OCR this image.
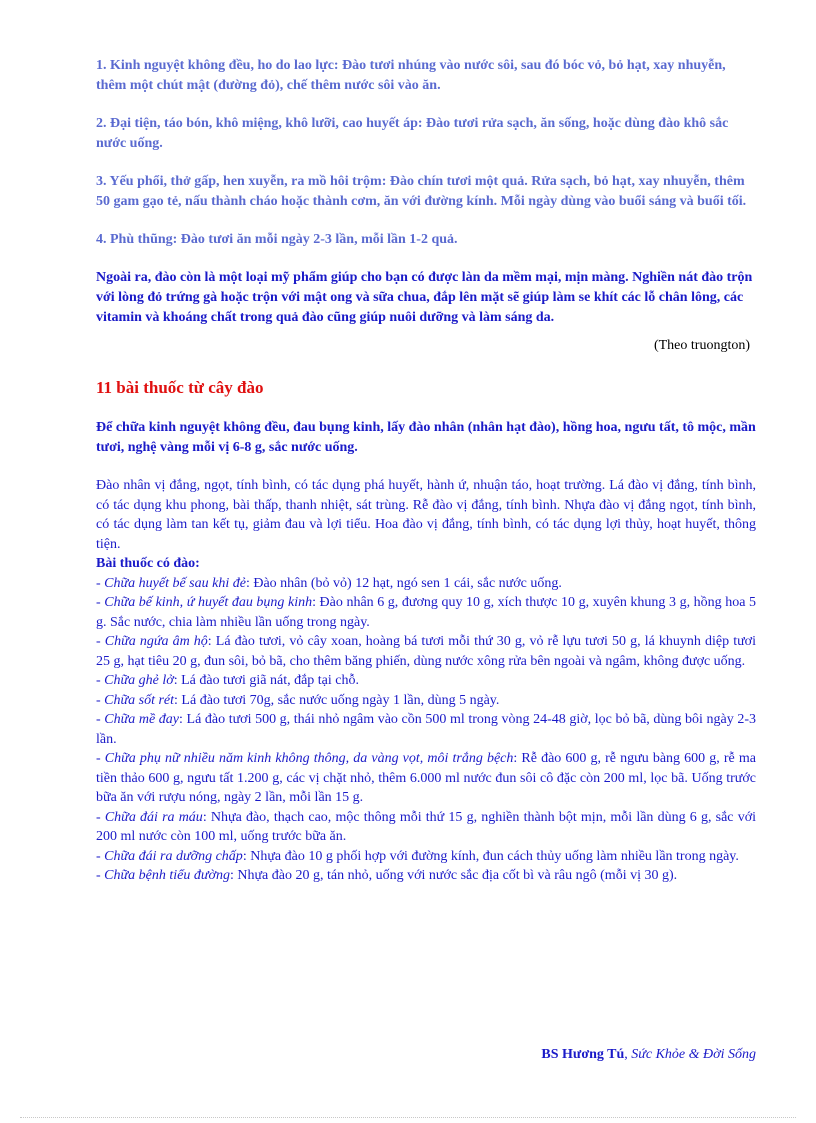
1. Kinh nguyệt không đều, ho do lao lực: Đào tươi nhúng vào nước sôi, sau đó bóc vỏ, bỏ hạt, xay nhuyễn, thêm một chút mật (đường đỏ), chế thêm nước sôi vào ăn.

2. Đại tiện, táo bón, khô miệng, khô lưỡi, cao huyết áp: Đào tươi rửa sạch, ăn sống, hoặc dùng đào khô sắc nước uống.

3. Yếu phổi, thở gấp, hen xuyễn, ra mồ hôi trộm: Đào chín tươi một quả. Rửa sạch, bỏ hạt, xay nhuyễn, thêm 50 gam gạo tẻ, nấu thành cháo hoặc thành cơm, ăn với đường kính. Mỗi ngày dùng vào buổi sáng và buổi tối.

4. Phù thũng: Đào tươi ăn mỗi ngày 2-3 lần, mỗi lần 1-2 quả.

Ngoài ra, đào còn là một loại mỹ phẩm giúp cho bạn có được làn da mềm mại, mịn màng. Nghiền nát đào trộn với lòng đỏ trứng gà hoặc trộn với mật ong và sữa chua, đắp lên mặt sẽ giúp làm se khít các lỗ chân lông, các vitamin và khoáng chất trong quả đào cũng giúp nuôi dưỡng và làm sáng da.

(Theo truongton)

11 bài thuốc từ cây đào

Để chữa kinh nguyệt không đều, đau bụng kinh, lấy đào nhân (nhân hạt đào), hồng hoa, ngưu tất, tô mộc, mần tươi, nghệ vàng mỗi vị 6-8 g, sắc nước uống.

Đào nhân vị đắng, ngọt, tính bình, có tác dụng phá huyết, hành ứ, nhuận táo, hoạt trường. Lá đào vị đắng, tính bình, có tác dụng khu phong, bài thấp, thanh nhiệt, sát trùng. Rễ đào vị đắng, tính bình. Nhựa đào vị đắng ngọt, tính bình, có tác dụng làm tan kết tụ, giảm đau và lợi tiểu. Hoa đào vị đắng, tính bình, có tác dụng lợi thủy, hoạt huyết, thông tiện.

Bài thuốc có đào:

- Chữa huyết bế sau khi đẻ: Đào nhân (bỏ vỏ) 12 hạt, ngó sen 1 cái, sắc nước uống.

- Chữa bế kinh, ứ huyết đau bụng kinh: Đào nhân 6 g, đương quy 10 g, xích thược 10 g, xuyên khung 3 g, hồng hoa 5 g. Sắc nước, chia làm nhiều lần uống trong ngày.

- Chữa ngứa âm hộ: Lá đào tươi, vỏ cây xoan, hoàng bá tươi mỗi thứ 30 g, vỏ rễ lựu tươi 50 g, lá khuynh diệp tươi 25 g, hạt tiêu 20 g, đun sôi, bỏ bã, cho thêm băng phiến, dùng nước xông rửa bên ngoài và ngâm, không được uống.

- Chữa ghẻ lở: Lá đào tươi giã nát, đắp tại chỗ.

- Chữa sốt rét: Lá đào tươi 70g, sắc nước uống ngày 1 lần, dùng 5 ngày.

- Chữa mề đay: Lá đào tươi 500 g, thái nhỏ ngâm vào cồn 500 ml trong vòng 24-48 giờ, lọc bỏ bã, dùng bôi ngày 2-3 lần.

- Chữa phụ nữ nhiều năm kinh không thông, da vàng vọt, môi trắng bệch: Rễ đào 600 g, rễ ngưu bàng 600 g, rễ ma tiền thảo 600 g, ngưu tất 1.200 g, các vị chặt nhỏ, thêm 6.000 ml nước đun sôi cô đặc còn 200 ml, lọc bã. Uống trước bữa ăn với rượu nóng, ngày 2 lần, mỗi lần 15 g.

- Chữa đái ra máu: Nhựa đào, thạch cao, mộc thông mỗi thứ 15 g, nghiền thành bột mịn, mỗi lần dùng 6 g, sắc với 200 ml nước còn 100 ml, uống trước bữa ăn.

- Chữa đái ra dưỡng chấp: Nhựa đào 10 g phối hợp với đường kính, đun cách thủy uống làm nhiều lần trong ngày.

- Chữa bệnh tiểu đường: Nhựa đào 20 g, tán nhỏ, uống với nước sắc địa cốt bì và râu ngô (mỗi vị 30 g).

BS Hương Tú, Sức Khỏe & Đời Sống
